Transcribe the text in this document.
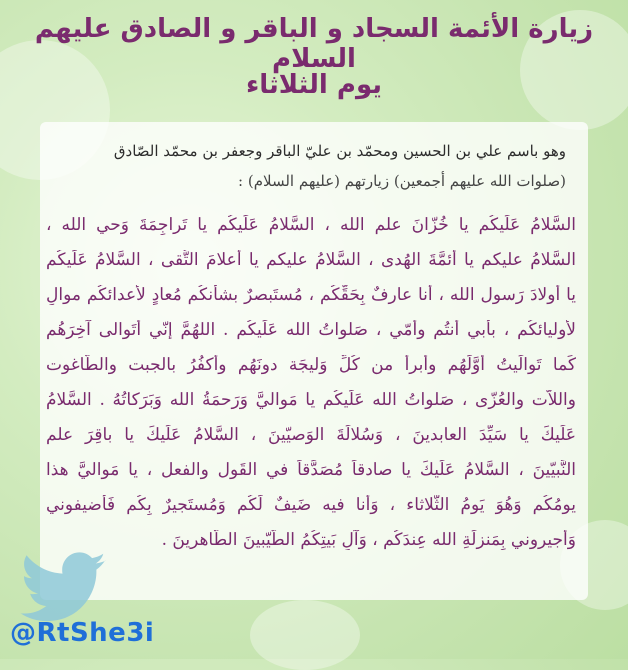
زيارة الأئمة السجاد و الباقر و الصادق عليهم السلام
يوم الثلاثاء
وهو باسم علي بن الحسين ومحمّد بن عليّ الباقر وجعفر بن محمّد الصّادق
(صلوات الله عليهم أجمعين) زيارتهم (عليهم السلام) :
السَّلامُ عَلَيكُم يا خُزّانَ علم الله ، السَّلامُ عَلَيكُم يا تَراجِمَةَ وَحيِ الله ،
السَّلامُ عليكم يا أئمَّةَ الهُدى ، السَّلامُ عليكم يا أعلامَ التُّقى ، السَّلامُ عَلَيكُم
يا أولادَ رَسول الله ، أنا عارفٌ بِحَقِّكُم ، مُستَبصرٌ بشأنكُم مُعادٍ لأعدائكُم موالٍ
لأوليائكُم ، بأبي أنتُم وأمّي ، صَلواتُ الله عَلَيكُم . اللهُمَّ إنّي أتَوالى آخِرَهُم
كَما تَوالَيتُ أوَّلَهُم وأبرأُ من كُلِّ وَليجَة دونَهُم وأكفُرُ بالجبت والطّاغوت
واللاّت والعُزّى ، صَلواتُ الله عَلَيكُم يا مَواليَّ وَرَحمَةُ الله وَبَرَكاتُهُ . السَّلامُ
عَلَيكَ يا سَيِّدَ العابدينَ ، وَسُلالَةَ الوَصيّينَ ، السَّلامُ عَلَيكَ يا باقِرَ علم
النَّبيّينَ ، السَّلامُ عَلَيكَ يا صادقاً مُصَدَّقاً في القَول والفعل ، يا مَواليَّ هذا
يومُكُم وَهُوَ يَومُ الثُّلاثاء ، وَأنا فيه ضَيفٌ لَكُم وَمُستَجيرٌ بِكُم فَأضيفوني
وَأجيروني بِمَنزلَةِ الله عِندَكُم ، وَآلِ بَيتِكُمُ الطَّيّبينَ الطّاهرينَ .
@RtShe3i
